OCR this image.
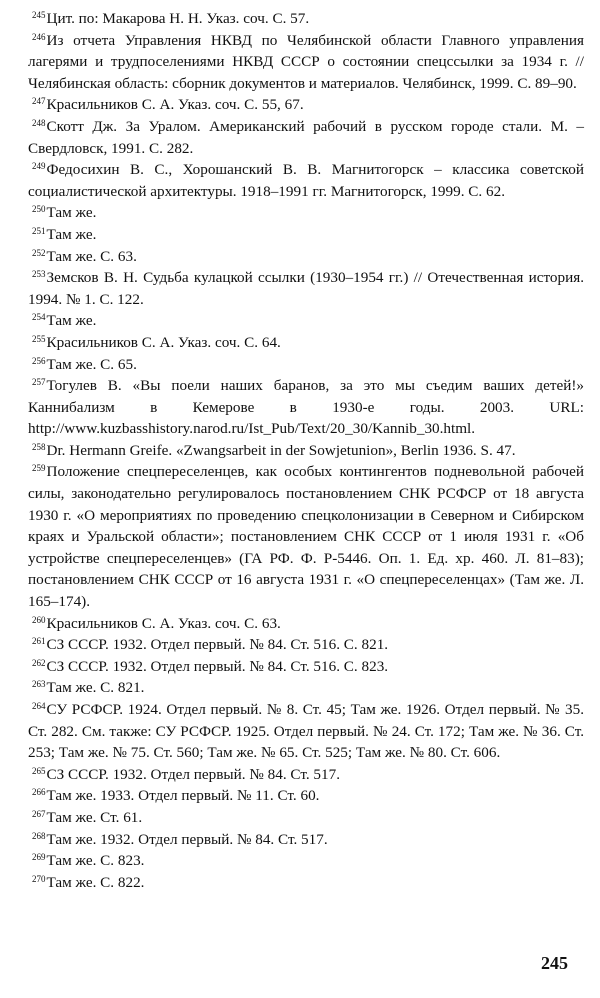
$^{245}$Цит. по: Макарова Н. Н. Указ. соч. С. 57.
$^{246}$Из отчета Управления НКВД по Челябинской области Главного управления лагерями и трудпоселениями НКВД СССР о состоянии спецссылки за 1934 г. // Челябинская область: сборник документов и материалов. Челябинск, 1999. С. 89–90.
$^{247}$Красильников С. А. Указ. соч. С. 55, 67.
$^{248}$Скотт Дж. За Уралом. Американский рабочий в русском городе стали. М. – Свердловск, 1991. С. 282.
$^{249}$Федосихин В. С., Хорошанский В. В. Магнитогорск – классика советской социалистической архитектуры. 1918–1991 гг. Магнитогорск, 1999. С. 62.
$^{250}$Там же.
$^{251}$Там же.
$^{252}$Там же. С. 63.
$^{253}$Земсков В. Н. Судьба кулацкой ссылки (1930–1954 гг.) // Отечественная история. 1994. № 1. С. 122.
$^{254}$Там же.
$^{255}$Красильников С. А. Указ. соч. С. 64.
$^{256}$Там же. С. 65.
$^{257}$Тогулев В. «Вы поели наших баранов, за это мы съедим ваших детей!» Каннибализм в Кемерове в 1930-е годы. 2003. URL: http://www.kuzbasshistory.narod.ru/Ist_Pub/Text/20_30/Kannib_30.html.
$^{258}$Dr. Hermann Greife. «Zwangsarbeit in der Sowjetunion», Berlin 1936. S. 47.
$^{259}$Положение спецпереселенцев, как особых контингентов подневольной рабочей силы, законодательно регулировалось постановлением СНК РСФСР от 18 августа 1930 г. «О мероприятиях по проведению спецколонизации в Северном и Сибирском краях и Уральской области»; постановлением СНК СССР от 1 июля 1931 г. «Об устройстве спецпереселенцев» (ГА РФ. Ф. Р-5446. Оп. 1. Ед. хр. 460. Л. 81–83); постановлением СНК СССР от 16 августа 1931 г. «О спецпереселенцах» (Там же. Л. 165–174).
$^{260}$Красильников С. А. Указ. соч. С. 63.
$^{261}$СЗ СССР. 1932. Отдел первый. № 84. Ст. 516. С. 821.
$^{262}$СЗ СССР. 1932. Отдел первый. № 84. Ст. 516. С. 823.
$^{263}$Там же. С. 821.
$^{264}$СУ РСФСР. 1924. Отдел первый. № 8. Ст. 45; Там же. 1926. Отдел первый. № 35. Ст. 282. См. также: СУ РСФСР. 1925. Отдел первый. № 24. Ст. 172; Там же. № 36. Ст. 253; Там же. № 75. Ст. 560; Там же. № 65. Ст. 525; Там же. № 80. Ст. 606.
$^{265}$СЗ СССР. 1932. Отдел первый. № 84. Ст. 517.
$^{266}$Там же. 1933. Отдел первый. № 11. Ст. 60.
$^{267}$Там же. Ст. 61.
$^{268}$Там же. 1932. Отдел первый. № 84. Ст. 517.
$^{269}$Там же. С. 823.
$^{270}$Там же. С. 822.
245
